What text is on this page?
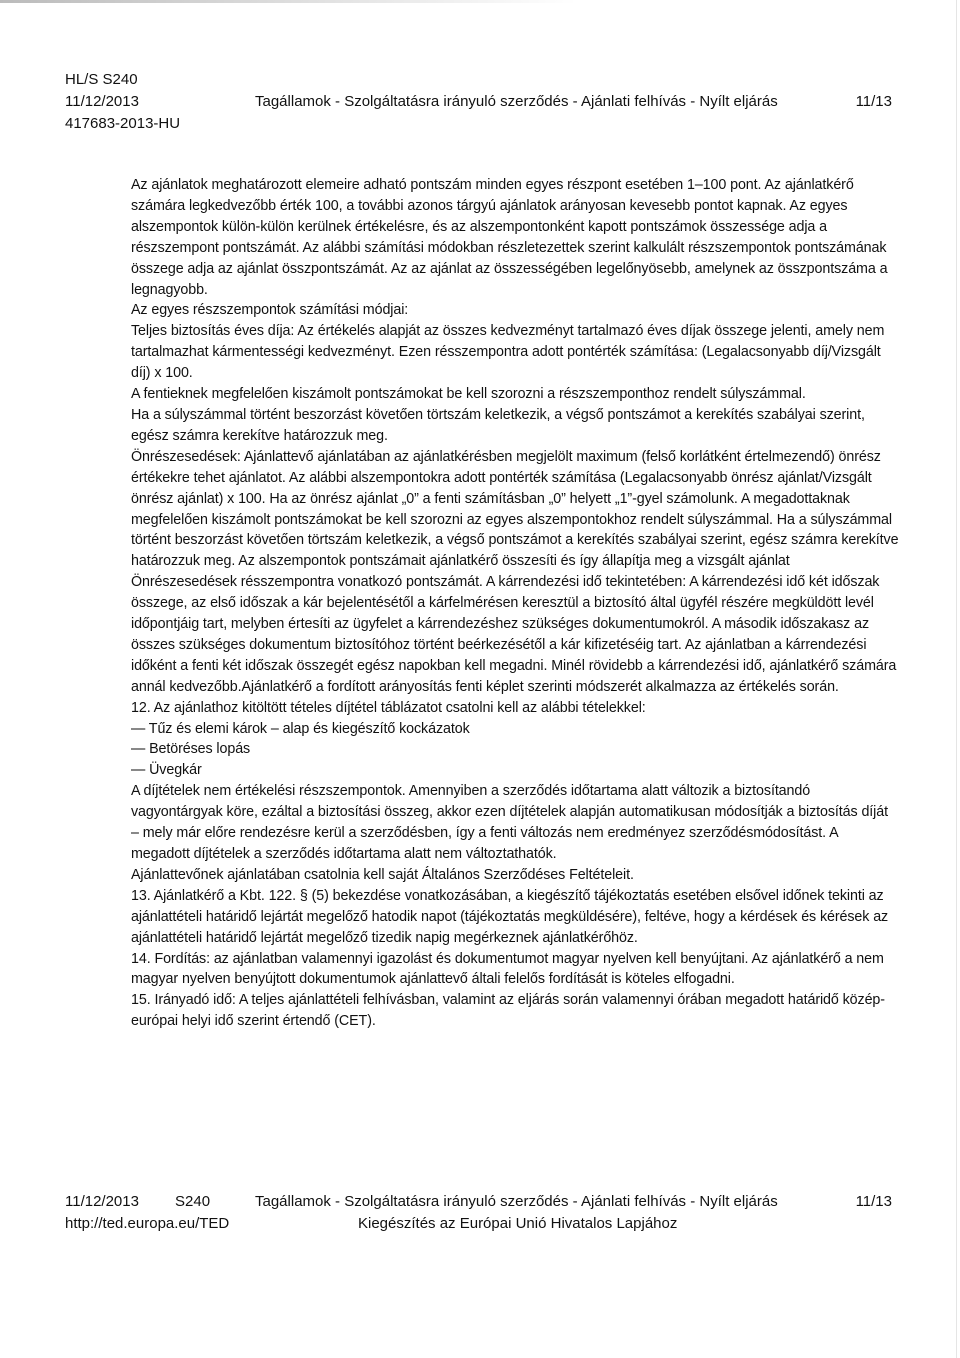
HL/S S240
11/12/2013
417683-2013-HU
Tagállamok - Szolgáltatásra irányuló szerződés - Ajánlati felhívás - Nyílt eljárás	11/13

Az ajánlatok meghatározott elemeire adható pontszám minden egyes részpont esetében 1–100 pont. Az ajánlatkérő számára legkedvezőbb érték 100, a további azonos tárgyú ajánlatok arányosan kevesebb pontot kapnak. Az egyes alszempontok külön-külön kerülnek értékelésre, és az alszempontonként kapott pontszámok összessége adja a részszempont pontszámát. Az alábbi számítási módokban részletezettek szerint kalkulált részszempontok pontszámának összege adja az ajánlat összpontszámát. Az az ajánlat az összességében legelőnyösebb, amelynek az összpontszáma a legnagyobb.

Az egyes részszempontok számítási módjai:

Teljes biztosítás éves díja: Az értékelés alapját az összes kedvezményt tartalmazó éves díjak összege jelenti, amely nem tartalmazhat kármentességi kedvezményt. Ezen résszempontra adott pontérték számítása: (Legalacsonyabb díj/Vizsgált díj) x 100.

A fentieknek megfelelően kiszámolt pontszámokat be kell szorozni a részszemponthoz rendelt súlyszámmal.

Ha a súlyszámmal történt beszorzást követően törtszám keletkezik, a végső pontszámot a kerekítés szabályai szerint, egész számra kerekítve határozzuk meg.

Önrészesedések: Ajánlattevő ajánlatában az ajánlatkérésben megjelölt maximum (felső korlátként értelmezendő) önrész értékekre tehet ajánlatot. Az alábbi alszempontokra adott pontérték számítása (Legalacsonyabb önrész ajánlat/Vizsgált önrész ajánlat) x 100. Ha az önrész ajánlat „0” a fenti számításban „0” helyett „1”-gyel számolunk. A megadottaknak megfelelően kiszámolt pontszámokat be kell szorozni az egyes alszempontokhoz rendelt súlyszámmal. Ha a súlyszámmal történt beszorzást követően törtszám keletkezik, a végső pontszámot a kerekítés szabályai szerint, egész számra kerekítve határozzuk meg. Az alszempontok pontszámait ajánlatkérő összesíti és így állapítja meg a vizsgált ajánlat Önrészesedések résszempontra vonatkozó pontszámát. A kárrendezési idő tekintetében: A kárrendezési idő két időszak összege, az első időszak a kár bejelentésétől a kárfelmérésen keresztül a biztosító által ügyfél részére megküldött levél időpontjáig tart, melyben értesíti az ügyfelet a kárrendezéshez szükséges dokumentumokról. A második időszakasz az összes szükséges dokumentum biztosítóhoz történt beérkezésétől a kár kifizetéséig tart. Az ajánlatban a kárrendezési időként a fenti két időszak összegét egész napokban kell megadni. Minél rövidebb a kárrendezési idő, ajánlatkérő számára annál kedvezőbb.Ajánlatkérő a fordított arányosítás fenti képlet szerinti módszerét alkalmazza az értékelés során.

12. Az ajánlathoz kitöltött tételes díjtétel táblázatot csatolni kell az alábbi tételekkel:

— Tűz és elemi károk – alap és kiegészítő kockázatok

— Betöréses lopás

— Üvegkár

A díjtételek nem értékelési részszempontok. Amennyiben a szerződés időtartama alatt változik a biztosítandó vagyontárgyak köre, ezáltal a biztosítási összeg, akkor ezen díjtételek alapján automatikusan módosítják a biztosítás díját – mely már előre rendezésre kerül a szerződésben, így a fenti változás nem eredményez szerződésmódosítást. A megadott díjtételek a szerződés időtartama alatt nem változtathatók.

Ajánlattevőnek ajánlatában csatolnia kell saját Általános Szerződéses Feltételeit.

13. Ajánlatkérő a Kbt. 122. § (5) bekezdése vonatkozásában, a kiegészítő tájékoztatás esetében elsővel időnek tekinti az ajánlattételi határidő lejártát megelőző hatodik napot (tájékoztatás megküldésére), feltéve, hogy a kérdések és kérések az ajánlattételi határidő lejártát megelőző tizedik napig megérkeznek ajánlatkérőhöz.

14. Fordítás: az ajánlatban valamennyi igazolást és dokumentumot magyar nyelven kell benyújtani. Az ajánlatkérő a nem magyar nyelven benyújtott dokumentumok ajánlattevő általi felelős fordítását is köteles elfogadni.

15. Irányadó idő: A teljes ajánlattételi felhívásban, valamint az eljárás során valamennyi órában megadott határidő közép-európai helyi idő szerint értendő (CET).

11/12/2013 S240	Tagállamok - Szolgáltatásra irányuló szerződés - Ajánlati felhívás - Nyílt eljárás	11/13
http://ted.europa.eu/TED	Kiegészítés az Európai Unió Hivatalos Lapjához
